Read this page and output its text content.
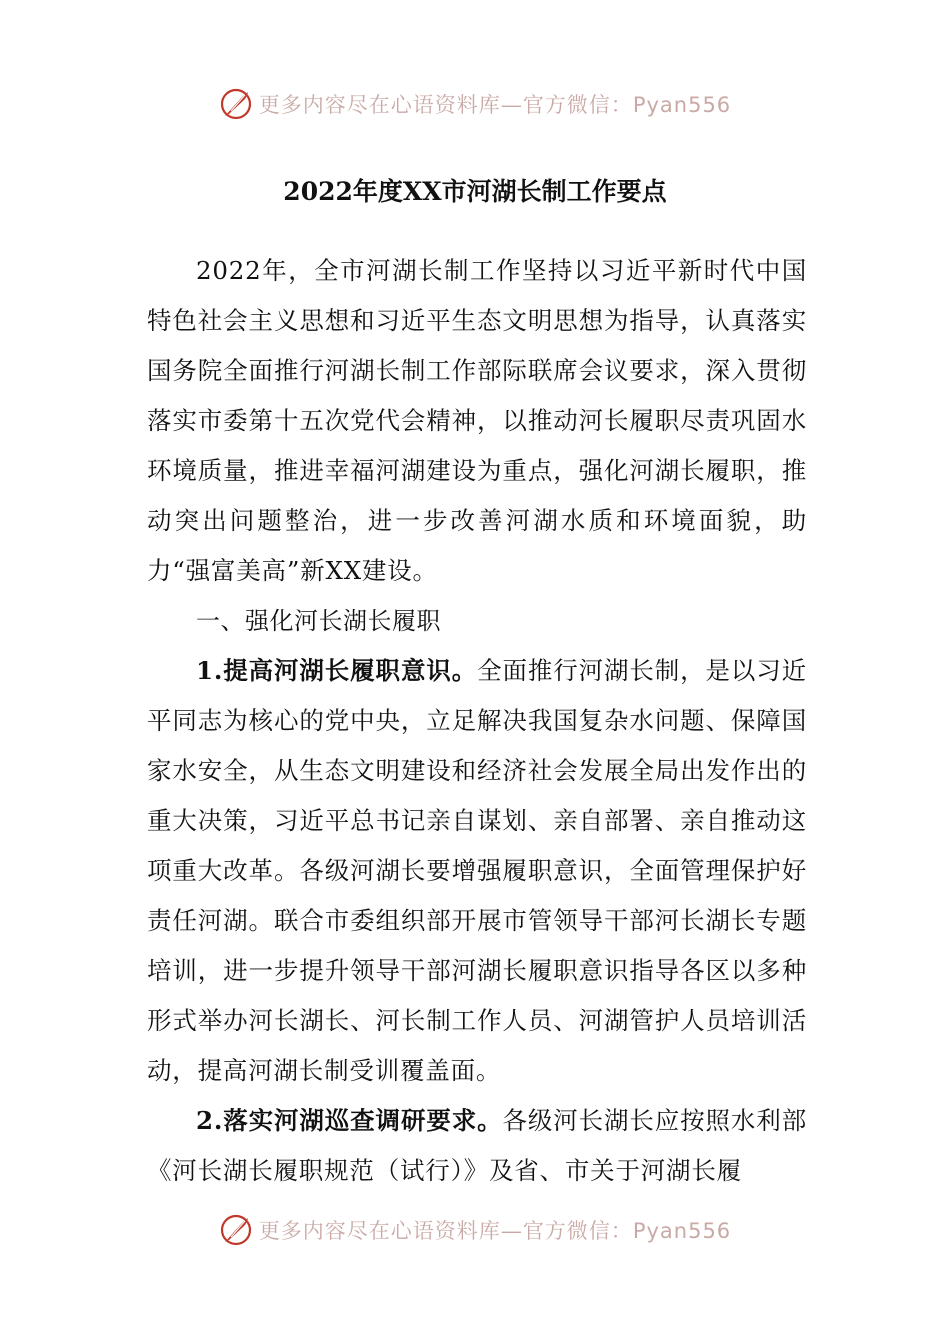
更多内容尽在心语资料库—官方微信：Pyan556
2022年度XX市河湖长制工作要点

2022年，全市河湖长制工作坚持以习近平新时代中国特色社会主义思想和习近平生态文明思想为指导，认真落实国务院全面推行河湖长制工作部际联席会议要求，深入贯彻落实市委第十五次党代会精神，以推动河长履职尽责巩固水环境质量，推进幸福河湖建设为重点，强化河湖长履职，推动突出问题整治，进一步改善河湖水质和环境面貌，助力“强富美高”新XX建设。

一、强化河长湖长履职

1.提高河湖长履职意识。全面推行河湖长制，是以习近平同志为核心的党中央，立足解决我国复杂水问题、保障国家水安全，从生态文明建设和经济社会发展全局出发作出的重大决策，习近平总书记亲自谋划、亲自部署、亲自推动这项重大改革。各级河湖长要增强履职意识，全面管理保护好责任河湖。联合市委组织部开展市管领导干部河长湖长专题培训，进一步提升领导干部河湖长履职意识指导各区以多种形式举办河长湖长、河长制工作人员、河湖管护人员培训活动，提高河湖长制受训覆盖面。

2.落实河湖巡查调研要求。各级河长湖长应按照水利部《河长湖长履职规范（试行）》及省、市关于河湖长履

更多内容尽在心语资料库—官方微信：Pyan556
